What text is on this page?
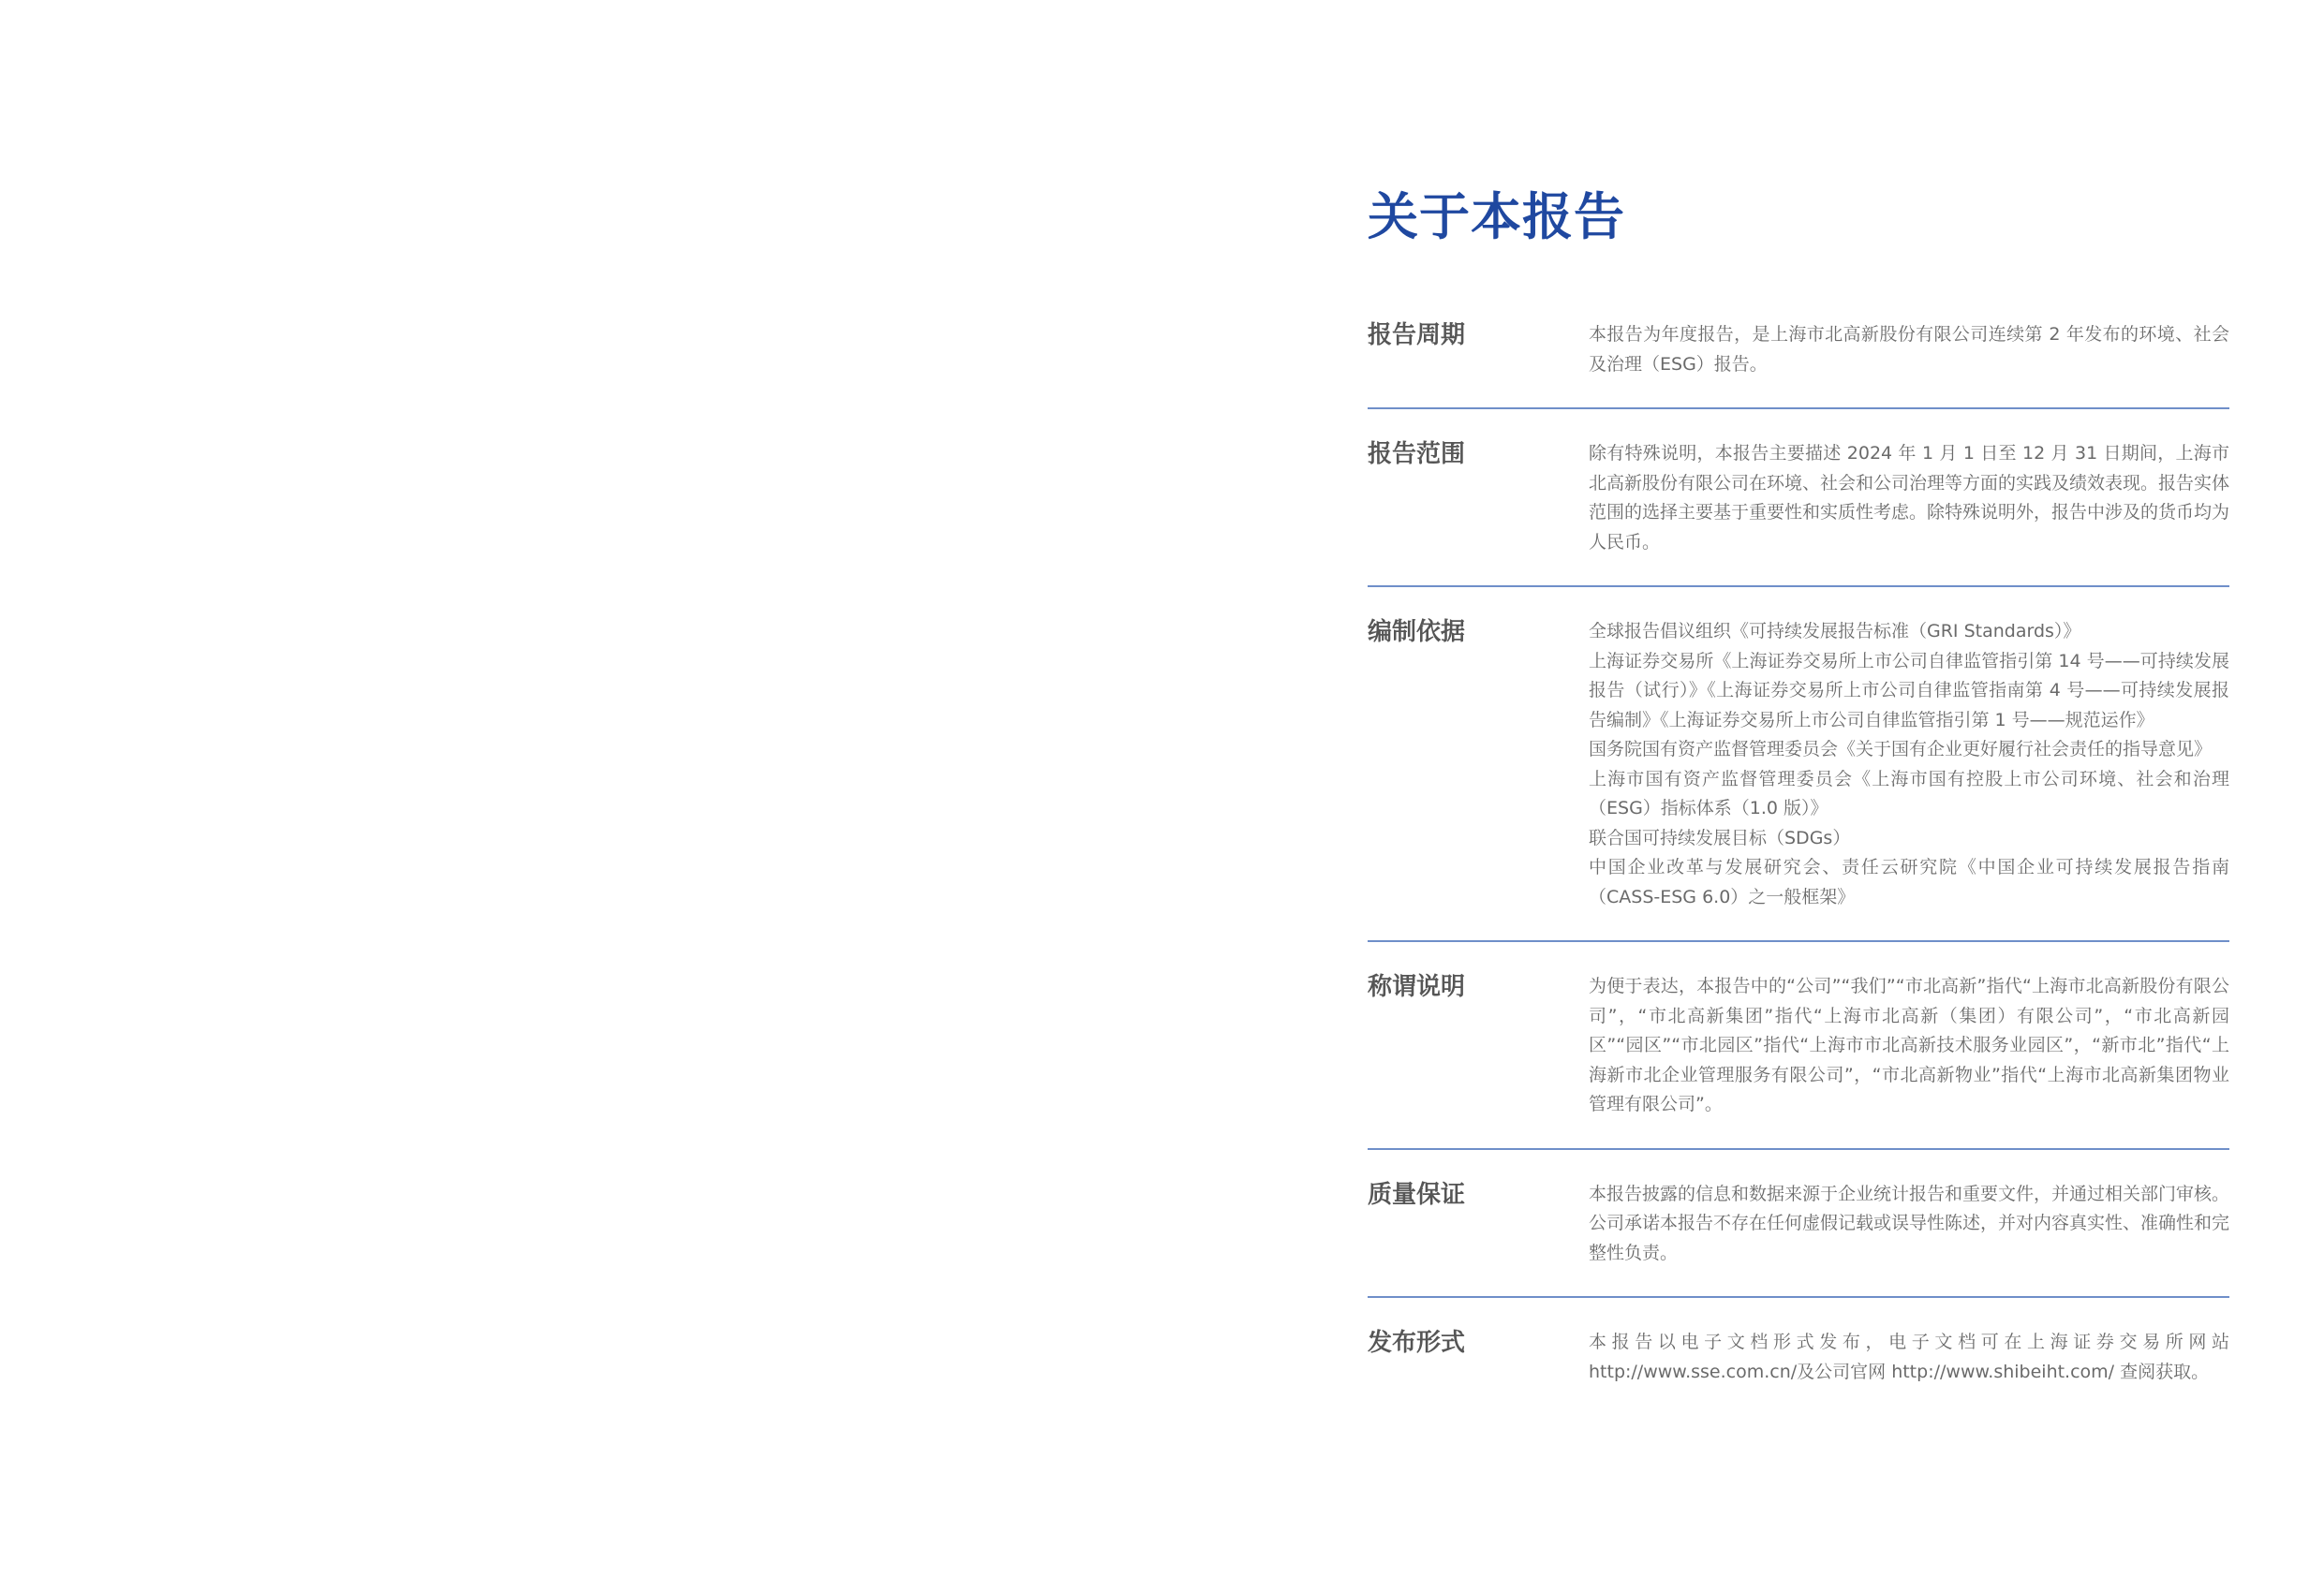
关于本报告
报告周期	本报告为年度报告，是上海市北高新股份有限公司连续第 2 年发布的环境、社会及治理（ESG）报告。

报告范围	除有特殊说明，本报告主要描述 2024 年 1 月 1 日至 12 月 31 日期间，上海市北高新股份有限公司在环境、社会和公司治理等方面的实践及绩效表现。报告实体范围的选择主要基于重要性和实质性考虑。除特殊说明外，报告中涉及的货币均为人民币。

编制依据	全球报告倡议组织《可持续发展报告标准（GRI Standards）》

上海证券交易所《上海证券交易所上市公司自律监管指引第 14 号——可持续发展报告（试行）》《上海证券交易所上市公司自律监管指南第 4 号——可持续发展报告编制》《上海证券交易所上市公司自律监管指引第 1 号——规范运作》

国务院国有资产监督管理委员会《关于国有企业更好履行社会责任的指导意见》

上海市国有资产监督管理委员会《上海市国有控股上市公司环境、社会和治理（ESG）指标体系（1.0 版）》

联合国可持续发展目标（SDGs）

中国企业改革与发展研究会、责任云研究院《中国企业可持续发展报告指南（CASS-ESG 6.0）之一般框架》

称谓说明	为便于表达，本报告中的“公司”“我们”“市北高新”指代“上海市北高新股份有限公司”，“市北高新集团”指代“上海市北高新（集团）有限公司”，“市北高新园区”“园区”“市北园区”指代“上海市市北高新技术服务业园区”，“新市北”指代“上海新市北企业管理服务有限公司”，“市北高新物业”指代“上海市北高新集团物业管理有限公司”。

质量保证	本报告披露的信息和数据来源于企业统计报告和重要文件，并通过相关部门审核。公司承诺本报告不存在任何虚假记载或误导性陈述，并对内容真实性、准确性和完整性负责。

发布形式	本报告以电子文档形式发布，电子文档可在上海证券交易所网站 http://www.sse.com.cn/及公司官网 http://www.shibeiht.com/ 查阅获取。
